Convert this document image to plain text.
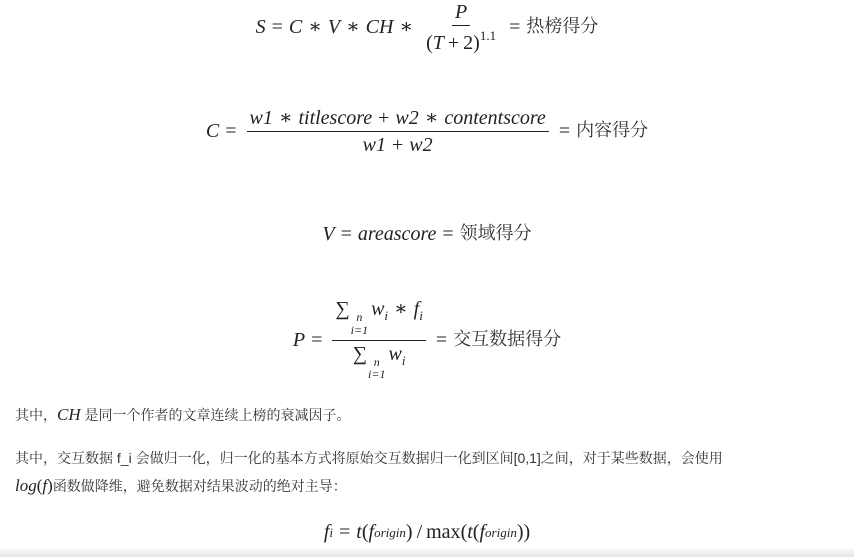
S = C ∗ V ∗ CH ∗ $\frac{P}{(T + 2)^{1.1}}$ = 热榜得分
$C = \frac{\text{w1 ∗ titlescore + w2 ∗ contentscore}}{w1 + w2}$ = 内容得分
V = areascore = 领域得分
P = ∑ n
i=1
$w_i$ ∗ $f_i$
∑ n
i=1
$w_i$ = 交互数据得分
其中，CH 是同一个作者的文章连续上榜的衰减因子。
其中，交互数据 f_i 会做归一化，归一化的基本方式将原始交互数据归一化到区间[0,1]之间，对于某些数据，会使用
log(f)函数做降维，避免数据对结果波动的绝对主导：
f i = t ( f origin ) / max ( t ( f origin ) )
